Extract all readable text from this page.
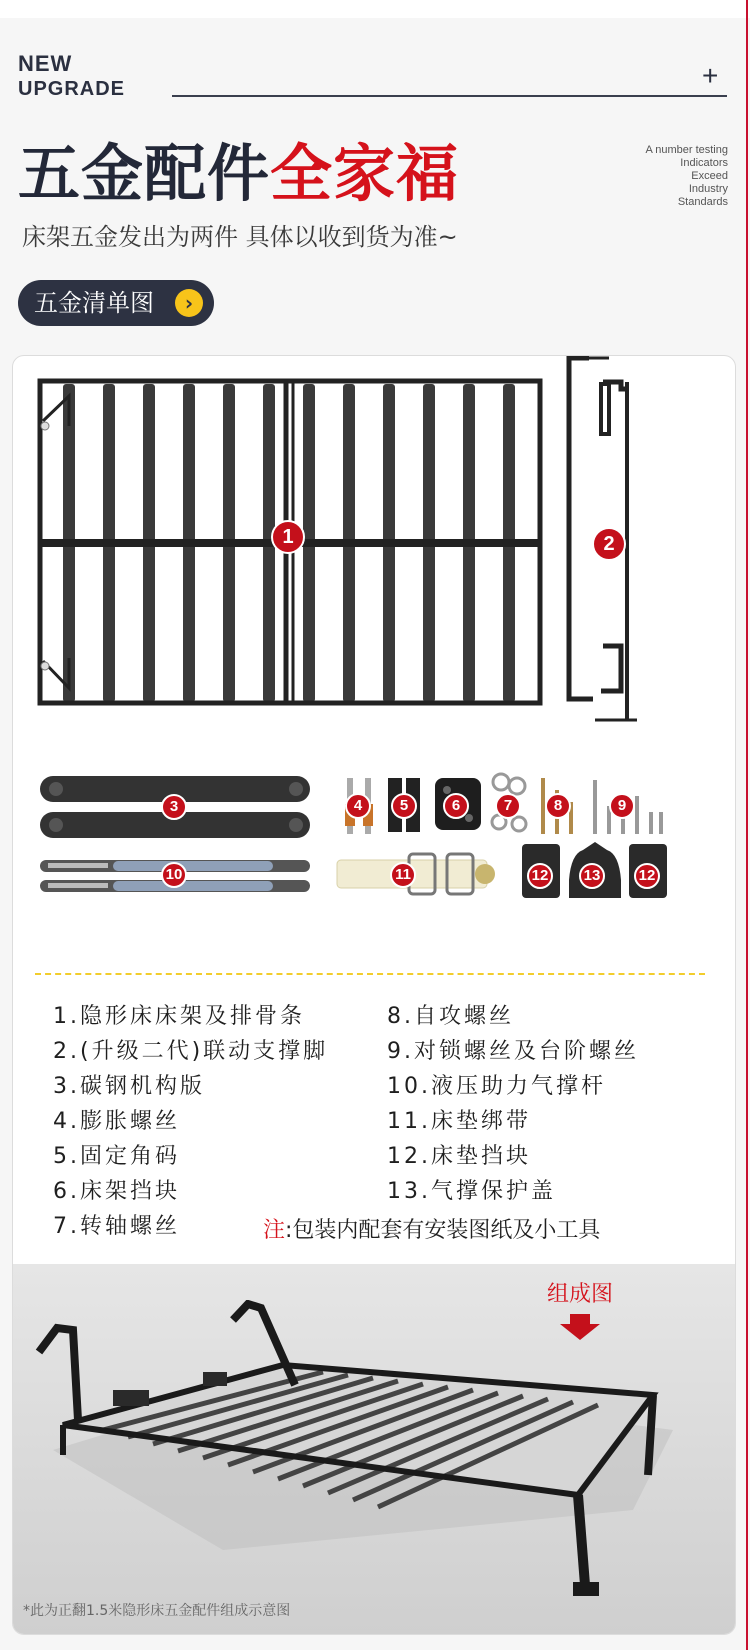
NEW
UPGRADE	+
五金配件全家福	A number testing
Indicators
Exceed
Industry
Standards
床架五金发出为两件 具体以收到货为准~
五金清单图	›
1	2
3
10
4	5	6	7	8	9
11	12	13	12
1.隐形床床架及排骨条
2.(升级二代)联动支撑脚
3.碳钢机构版
4.膨胀螺丝
5.固定角码
6.床架挡块
7.转轴螺丝
8.自攻螺丝
9.对锁螺丝及台阶螺丝
10.液压助力气撑杆
11.床垫绑带
12.床垫挡块
13.气撑保护盖
注:包装内配套有安装图纸及小工具
组成图
*此为正翻1.5米隐形床五金配件组成示意图
